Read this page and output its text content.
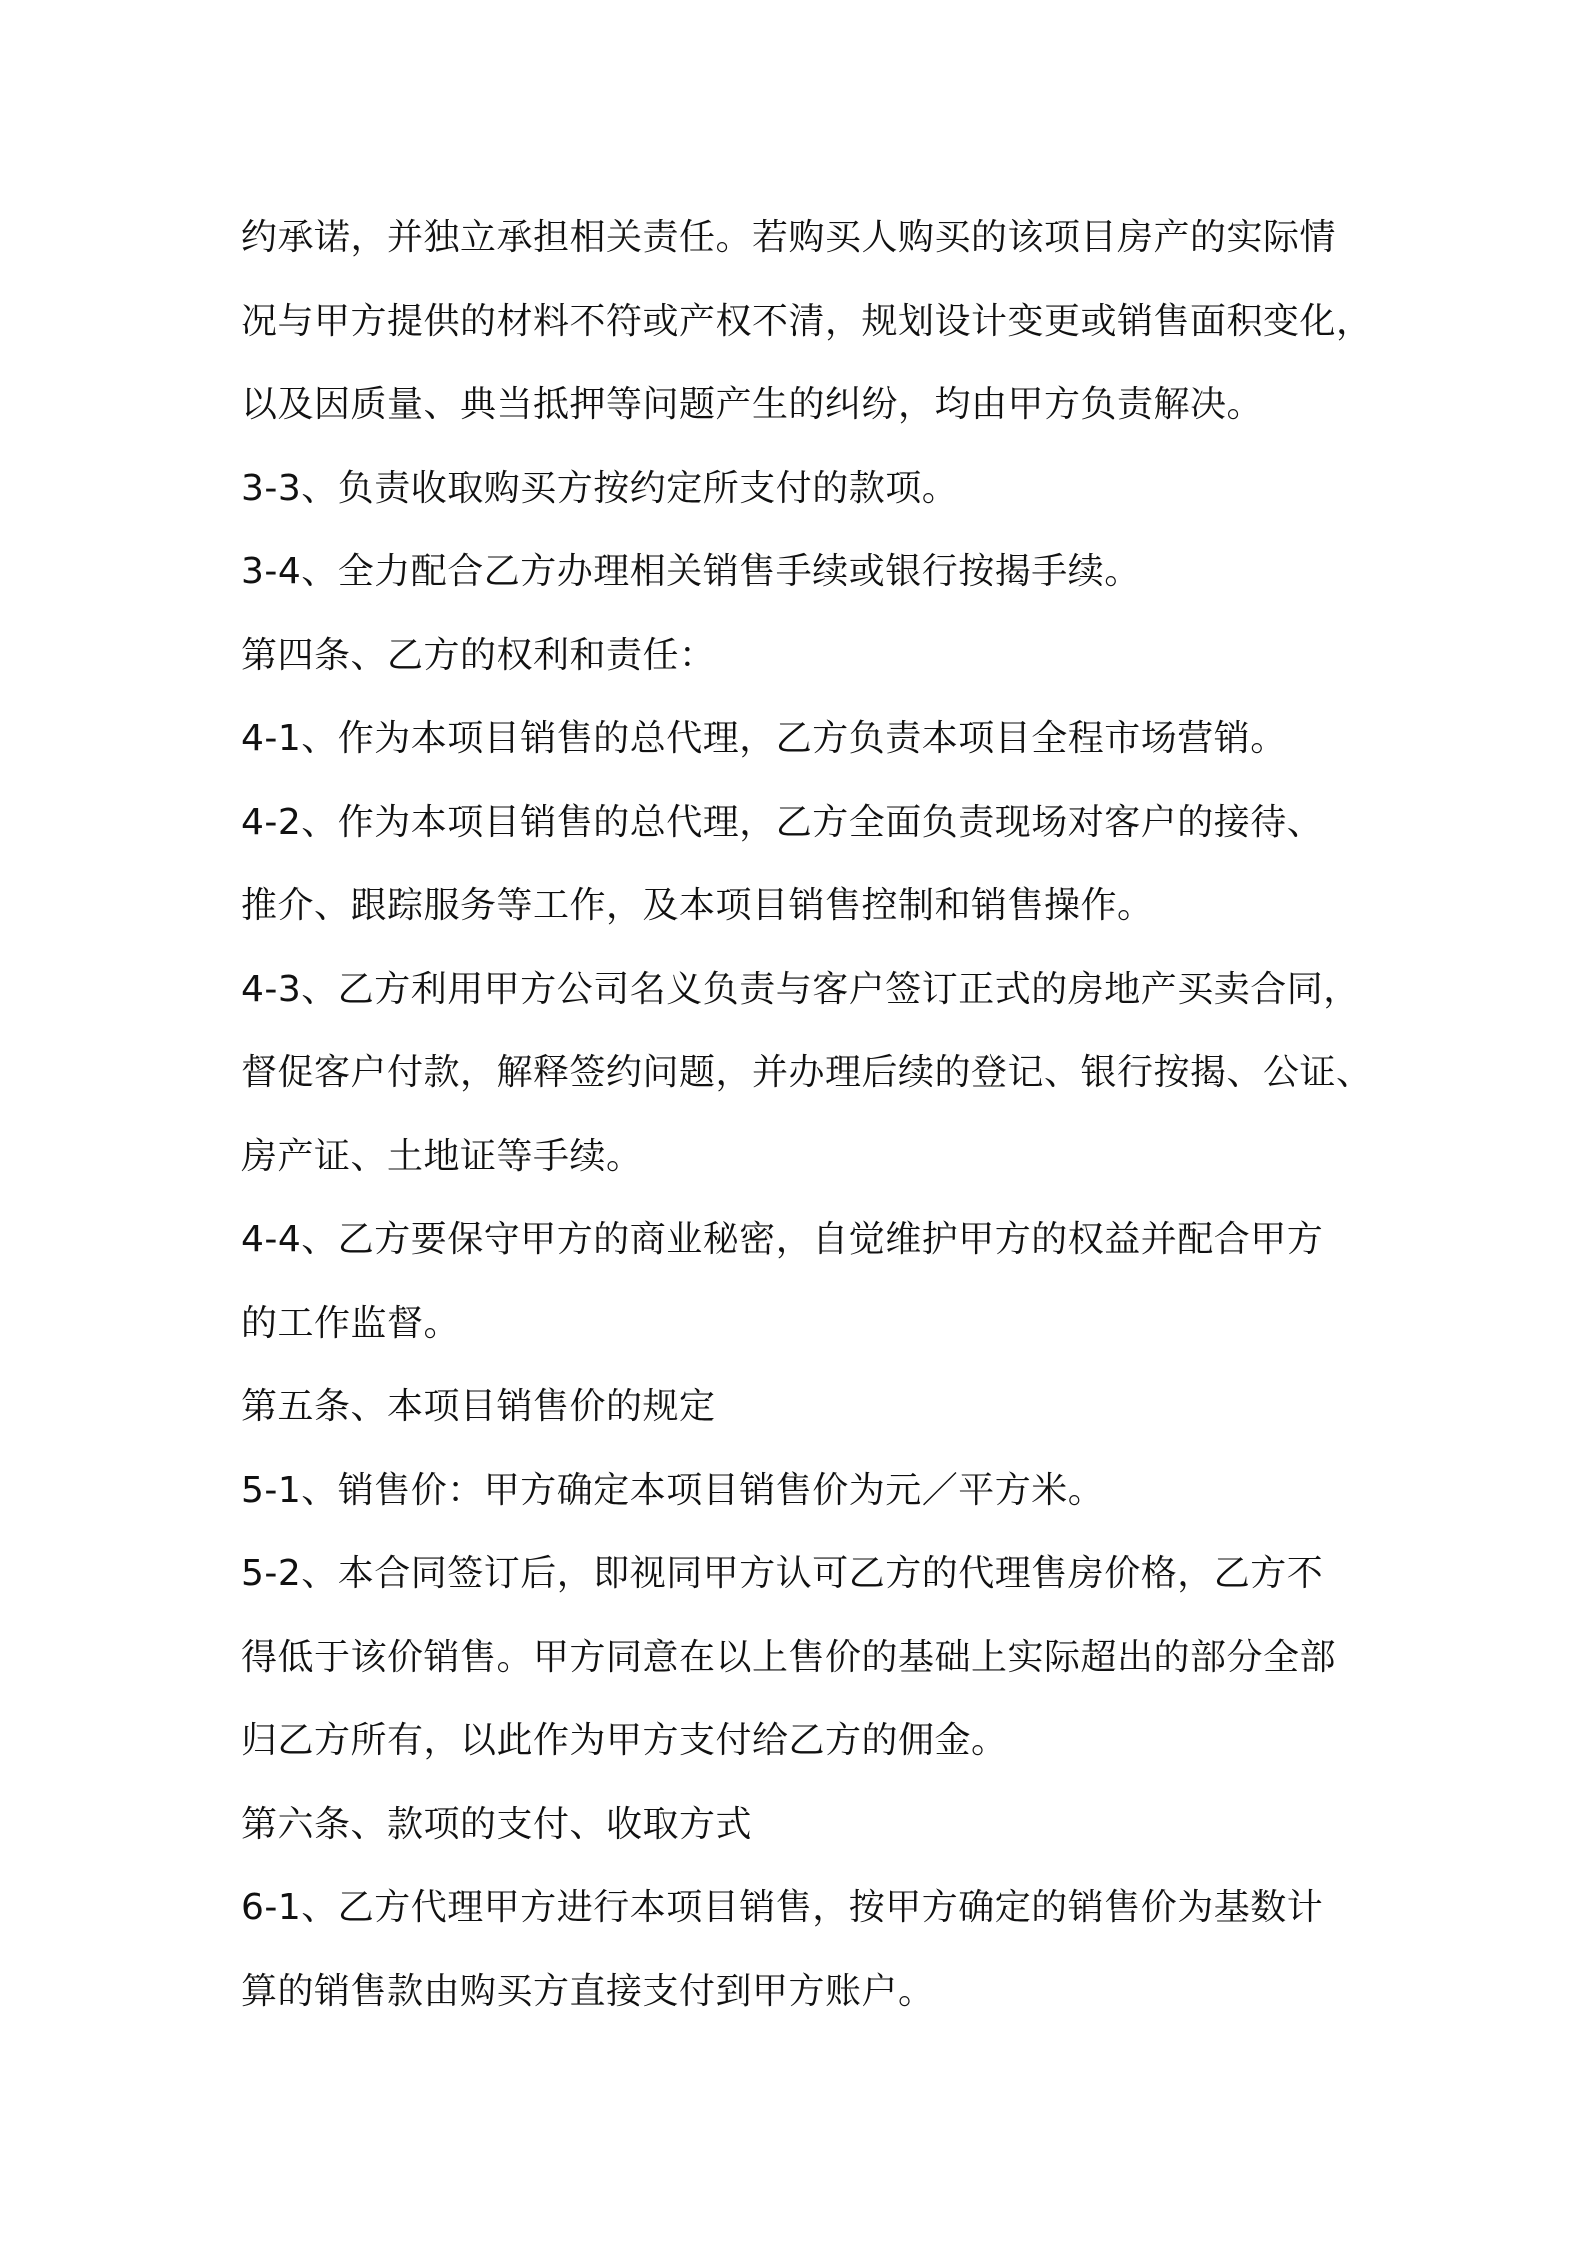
约承诺，并独立承担相关责任。若购买人购买的该项目房产的实际情
况与甲方提供的材料不符或产权不清，规划设计变更或销售面积变化，
以及因质量、典当抵押等问题产生的纠纷，均由甲方负责解决。
3-3、负责收取购买方按约定所支付的款项。
3-4、全力配合乙方办理相关销售手续或银行按揭手续。
第四条、乙方的权利和责任：
4-1、作为本项目销售的总代理，乙方负责本项目全程市场营销。
4-2、作为本项目销售的总代理，乙方全面负责现场对客户的接待、
推介、跟踪服务等工作，及本项目销售控制和销售操作。
4-3、乙方利用甲方公司名义负责与客户签订正式的房地产买卖合同，
督促客户付款，解释签约问题，并办理后续的登记、银行按揭、公证、
房产证、土地证等手续。
4-4、乙方要保守甲方的商业秘密，自觉维护甲方的权益并配合甲方
的工作监督。
第五条、本项目销售价的规定
5-1、销售价：甲方确定本项目销售价为元／平方米。
5-2、本合同签订后，即视同甲方认可乙方的代理售房价格，乙方不
得低于该价销售。甲方同意在以上售价的基础上实际超出的部分全部
归乙方所有，以此作为甲方支付给乙方的佣金。
第六条、款项的支付、收取方式
6-1、乙方代理甲方进行本项目销售，按甲方确定的销售价为基数计
算的销售款由购买方直接支付到甲方账户。
